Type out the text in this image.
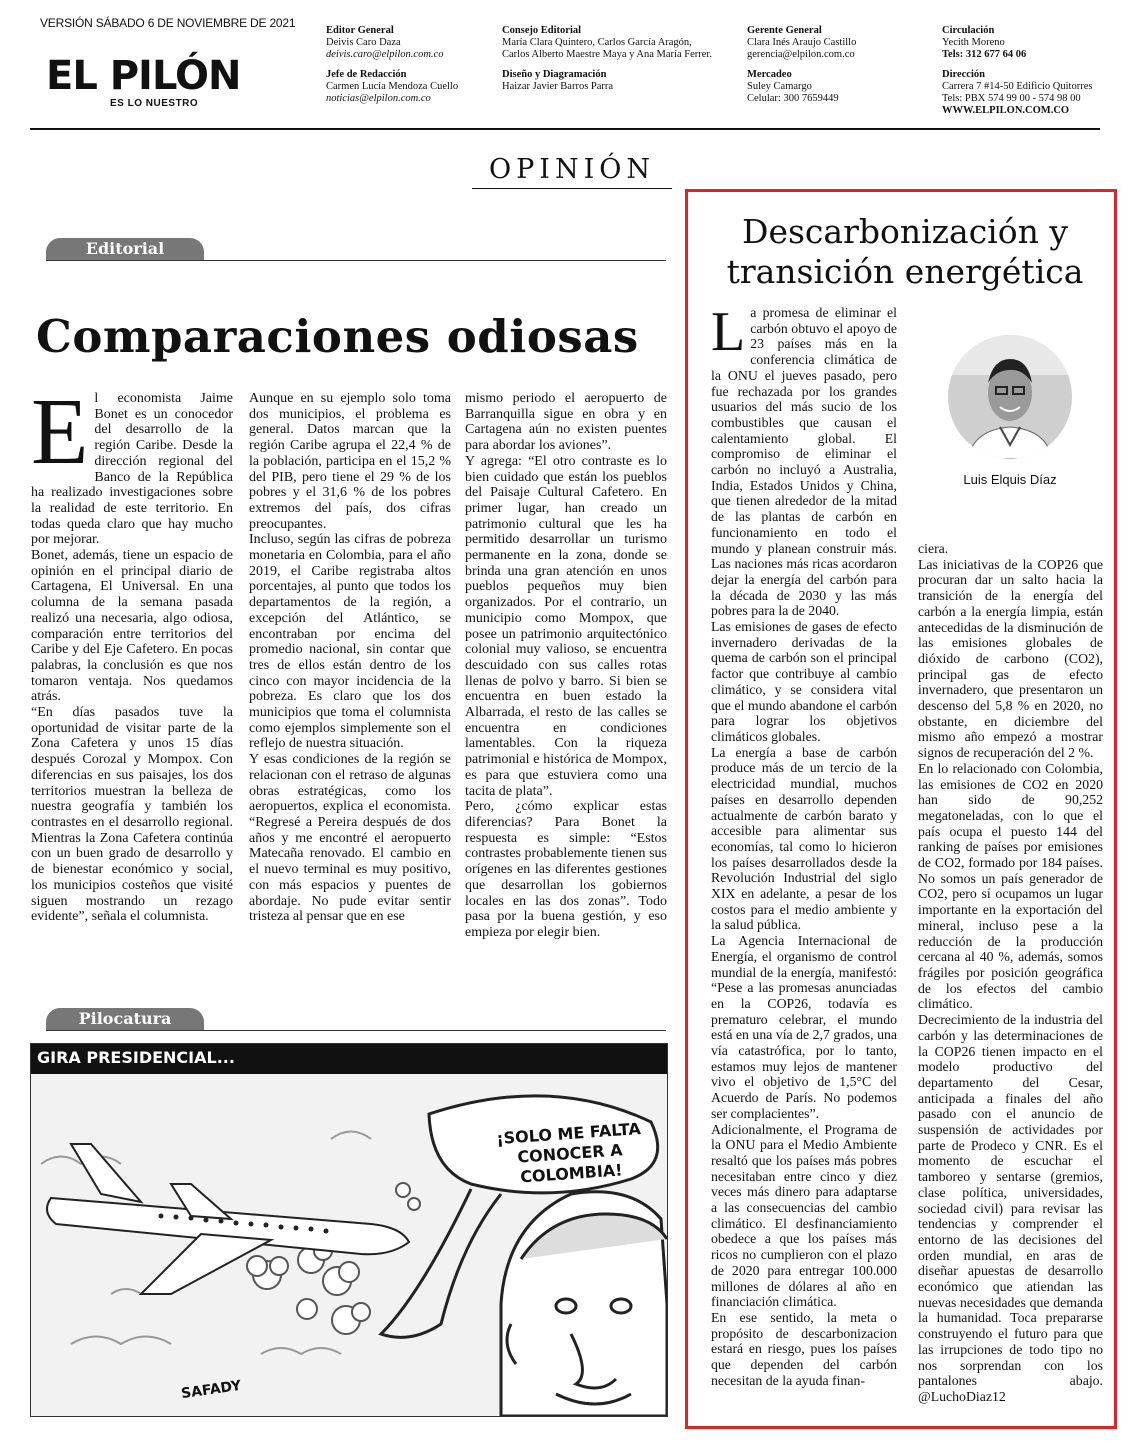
VERSIÓN SÁBADO 6 DE NOVIEMBRE DE 2021
EL PILÓN
ES LO NUESTRO
Editor General
Deivis Caro Daza
deivis.caro@elpilon.com.co
Jefe de Redacción
Carmen Lucía Mendoza Cuello
noticias@elpilon.com.co
Consejo Editorial
María Clara Quintero, Carlos García Aragón, Carlos Alberto Maestre Maya y Ana María Ferrer.
Diseño y Diagramación
Haizar Javier Barros Parra
Gerente General
Clara Inés Araujo Castillo
gerencia@elpilon.com.co
Mercadeo
Suley Camargo
Celular: 300 7659449
Circulación
Yecith Moreno
Tels: 312 677 64 06
Dirección
Carrera 7 #14-50 Edificio Quitorres
Tels: PBX 574 99 00 - 574 98 00
WWW.ELPILON.COM.CO
OPINIÓN
Editorial
Comparaciones odiosas
E l economista Jaime Bonet es un conocedor del desarrollo de la región Caribe. Desde la dirección regional del Banco de la República ha realizado investigaciones sobre la realidad de este territorio. En todas queda claro que hay mucho por mejorar.

Bonet, además, tiene un espacio de opinión en el principal diario de Cartagena, El Universal. En una columna de la semana pasada realizó una necesaria, algo odiosa, comparación entre territorios del Caribe y del Eje Cafetero. En pocas palabras, la conclusión es que nos tomaron ventaja. Nos quedamos atrás.

“En días pasados tuve la oportunidad de visitar parte de la Zona Cafetera y unos 15 días después Corozal y Mompox. Con diferencias en sus paisajes, los dos territorios muestran la belleza de nuestra geografía y también los contrastes en el desarrollo regional. Mientras la Zona Cafetera continúa con un buen grado de desarrollo y de bienestar económico y social, los municipios costeños que visité siguen mostrando un rezago evidente”, señala el columnista.

Aunque en su ejemplo solo toma dos municipios, el problema es general. Datos marcan que la región Caribe agrupa el 22,4 % de la población, participa en el 15,2 % del PIB, pero tiene el 29 % de los pobres y el 31,6 % de los pobres extremos del país, dos cifras preocupantes.

Incluso, según las cifras de pobreza monetaria en Colombia, para el año 2019, el Caribe registraba altos porcentajes, al punto que todos los departamentos de la región, a excepción del Atlántico, se encontraban por encima del promedio nacional, sin contar que tres de ellos están dentro de los cinco con mayor incidencia de la pobreza. Es claro que los dos municipios que toma el columnista como ejemplos simplemente son el reflejo de nuestra situación.

Y esas condiciones de la región se relacionan con el retraso de algunas obras estratégicas, como los aeropuertos, explica el economista. “Regresé a Pereira después de dos años y me encontré el aeropuerto Matecaña renovado. El cambio en el nuevo terminal es muy positivo, con más espacios y puentes de abordaje. No pude evitar sentir tristeza al pensar que en ese

mismo periodo el aeropuerto de Barranquilla sigue en obra y en Cartagena aún no existen puentes para abordar los aviones”.

Y agrega: “El otro contraste es lo bien cuidado que están los pueblos del Paisaje Cultural Cafetero. En primer lugar, han creado un patrimonio cultural que les ha permitido desarrollar un turismo permanente en la zona, donde se brinda una gran atención en unos pueblos pequeños muy bien organizados. Por el contrario, un municipio como Mompox, que posee un patrimonio arquitectónico colonial muy valioso, se encuentra descuidado con sus calles rotas llenas de polvo y barro. Si bien se encuentra en buen estado la Albarrada, el resto de las calles se encuentra en condiciones lamentables. Con la riqueza patrimonial e histórica de Mompox, es para que estuviera como una tacita de plata”.

Pero, ¿cómo explicar estas diferencias? Para Bonet la respuesta es simple: “Estos contrastes probablemente tienen sus orígenes en las diferentes gestiones que desarrollan los gobiernos locales en las dos zonas”. Todo pasa por la buena gestión, y eso empieza por elegir bien.

Pilocatura
GIRA PRESIDENCIAL...
¡SOLO ME FALTA CONOCER A COLOMBIA!
SAFADY
Descarbonización y transición energética
Luis Elquis Díaz
L a promesa de eliminar el carbón obtuvo el apoyo de 23 países más en la conferencia climática de la ONU el jueves pasado, pero fue rechazada por los grandes usuarios del más sucio de los combustibles que causan el calentamiento global. El compromiso de eliminar el carbón no incluyó a Australia, India, Estados Unidos y China, que tienen alrededor de la mitad de las plantas de carbón en funcionamiento en todo el mundo y planean construir más. Las naciones más ricas acordaron dejar la energía del carbón para la década de 2030 y las más pobres para la de 2040.

Las emisiones de gases de efecto invernadero derivadas de la quema de carbón son el principal factor que contribuye al cambio climático, y se considera vital que el mundo abandone el carbón para lograr los objetivos climáticos globales.

La energía a base de carbón produce más de un tercio de la electricidad mundial, muchos países en desarrollo dependen actualmente de carbón barato y accesible para alimentar sus economías, tal como lo hicieron los países desarrollados desde la Revolución Industrial del siglo XIX en adelante, a pesar de los costos para el medio ambiente y la salud pública.

La Agencia Internacional de Energía, el organismo de control mundial de la energía, manifestó: “Pese a las promesas anunciadas en la COP26, todavía es prematuro celebrar, el mundo está en una vía de 2,7 grados, una vía catastrófica, por lo tanto, estamos muy lejos de mantener vivo el objetivo de 1,5°C del Acuerdo de París. No podemos ser complacientes”.

Adicionalmente, el Programa de la ONU para el Medio Ambiente resaltó que los países más pobres necesitaban entre cinco y diez veces más dinero para adaptarse a las consecuencias del cambio climático. El desfinanciamiento obedece a que los países más ricos no cumplieron con el plazo de 2020 para entregar 100.000 millones de dólares al año en financiación climática.

En ese sentido, la meta o propósito de descarbonizacion estará en riesgo, pues los países que dependen del carbón necesitan de la ayuda finan-

ciera.

Las iniciativas de la COP26 que procuran dar un salto hacia la transición de la energía del carbón a la energía limpia, están antecedidas de la disminución de las emisiones globales de dióxido de carbono (CO2), principal gas de efecto invernadero, que presentaron un descenso del 5,8 % en 2020, no obstante, en diciembre del mismo año empezó a mostrar signos de recuperación del 2 %.

En lo relacionado con Colombia, las emisiones de CO2 en 2020 han sido de 90,252 megatoneladas, con lo que el país ocupa el puesto 144 del ranking de países por emisiones de CO2, formado por 184 países. No somos un país generador de CO2, pero sí ocupamos un lugar importante en la exportación del mineral, incluso pese a la reducción de la producción cercana al 40 %, además, somos frágiles por posición geográfica de los efectos del cambio climático.

Decrecimiento de la industria del carbón y las determinaciones de la COP26 tienen impacto en el modelo productivo del departamento del Cesar, anticipada a finales del año pasado con el anuncio de suspensión de actividades por parte de Prodeco y CNR. Es el momento de escuchar el tamboreo y sentarse (gremios, clase política, universidades, sociedad civil) para revisar las tendencias y comprender el entorno de las decisiones del orden mundial, en aras de diseñar apuestas de desarrollo económico que atiendan las nuevas necesidades que demanda la humanidad. Toca prepararse construyendo el futuro para que las irrupciones de todo tipo no nos sorprendan con los pantalones abajo. @LuchoDiaz12
